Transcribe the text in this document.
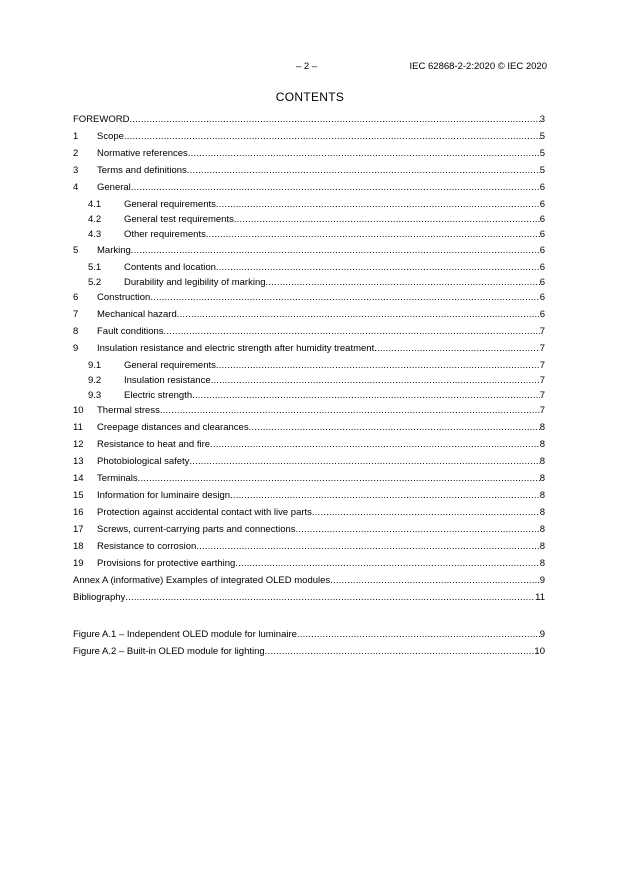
– 2 –	IEC 62868-2-2:2020 © IEC 2020
CONTENTS
FOREWORD .....	3
1	Scope .....	5
2	Normative references .....	5
3	Terms and definitions .....	5
4	General .....	6
4.1	General requirements .....	6
4.2	General test requirements .....	6
4.3	Other requirements .....	6
5	Marking .....	6
5.1	Contents and location .....	6
5.2	Durability and legibility of marking .....	6
6	Construction .....	6
7	Mechanical hazard .....	6
8	Fault conditions .....	7
9	Insulation resistance and electric strength after humidity treatment .....	7
9.1	General requirements .....	7
9.2	Insulation resistance .....	7
9.3	Electric strength .....	7
10	Thermal stress .....	7
11	Creepage distances and clearances .....	8
12	Resistance to heat and fire .....	8
13	Photobiological safety .....	8
14	Terminals .....	8
15	Information for luminaire design .....	8
16	Protection against accidental contact with live parts .....	8
17	Screws, current-carrying parts and connections .....	8
18	Resistance to corrosion .....	8
19	Provisions for protective earthing .....	8
Annex A (informative) Examples of integrated OLED modules .....	9
Bibliography .....	11
Figure A.1 – Independent OLED module for luminaire .....	9
Figure A.2 – Built-in OLED module for lighting .....	10
